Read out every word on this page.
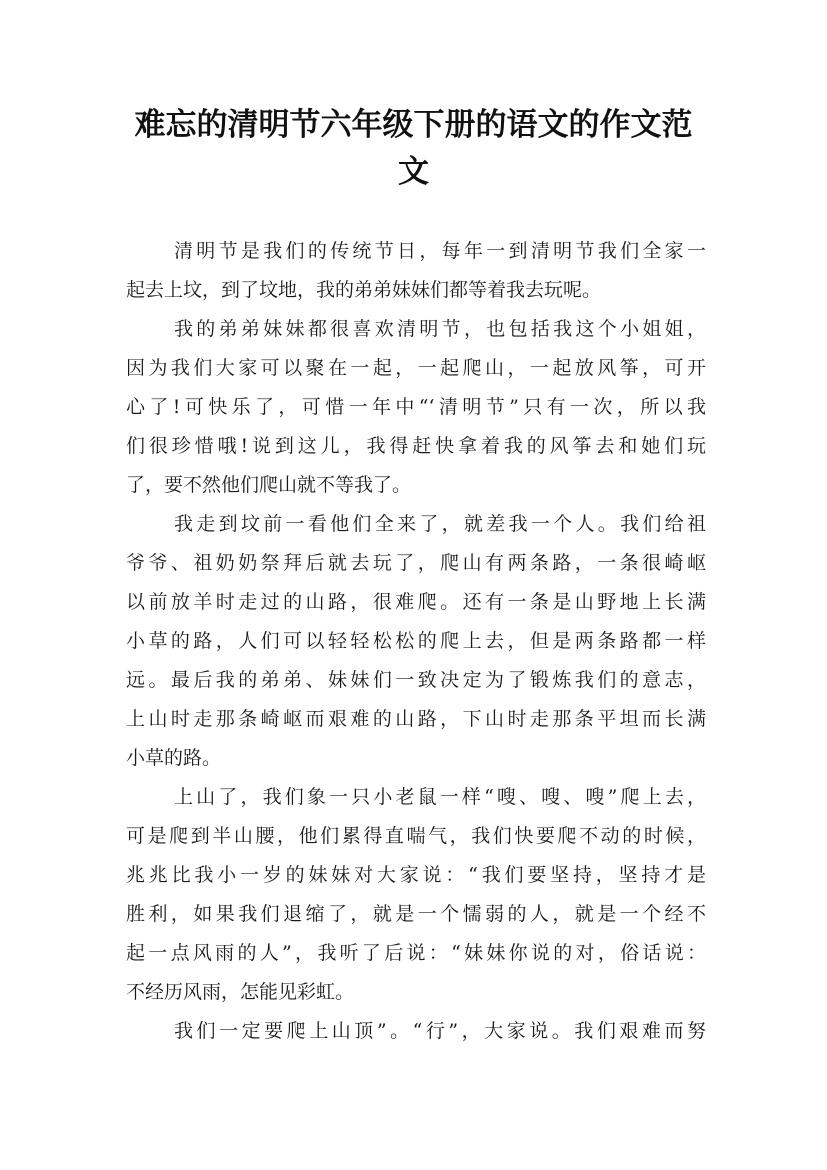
难忘的清明节六年级下册的语文的作文范
文
清明节是我们的传统节日，每年一到清明节我们全家一
起去上坟，到了坟地，我的弟弟妹妹们都等着我去玩呢。
我的弟弟妹妹都很喜欢清明节，也包括我这个小姐姐，
因为我们大家可以聚在一起，一起爬山，一起放风筝，可开
心了!可快乐了，可惜一年中“‘清明节”只有一次，所以我
们很珍惜哦!说到这儿，我得赶快拿着我的风筝去和她们玩
了，要不然他们爬山就不等我了。
我走到坟前一看他们全来了，就差我一个人。我们给祖
爷爷、祖奶奶祭拜后就去玩了，爬山有两条路，一条很崎岖
以前放羊时走过的山路，很难爬。还有一条是山野地上长满
小草的路，人们可以轻轻松松的爬上去，但是两条路都一样
远。最后我的弟弟、妹妹们一致决定为了锻炼我们的意志，
上山时走那条崎岖而艰难的山路，下山时走那条平坦而长满
小草的路。
上山了，我们象一只小老鼠一样“嗖、嗖、嗖”爬上去，
可是爬到半山腰，他们累得直喘气，我们快要爬不动的时候，
兆兆比我小一岁的妹妹对大家说：“我们要坚持，坚持才是
胜利，如果我们退缩了，就是一个懦弱的人，就是一个经不
起一点风雨的人”，我听了后说：“妹妹你说的对，俗话说：
不经历风雨，怎能见彩虹。
我们一定要爬上山顶”。“行”，大家说。我们艰难而努
